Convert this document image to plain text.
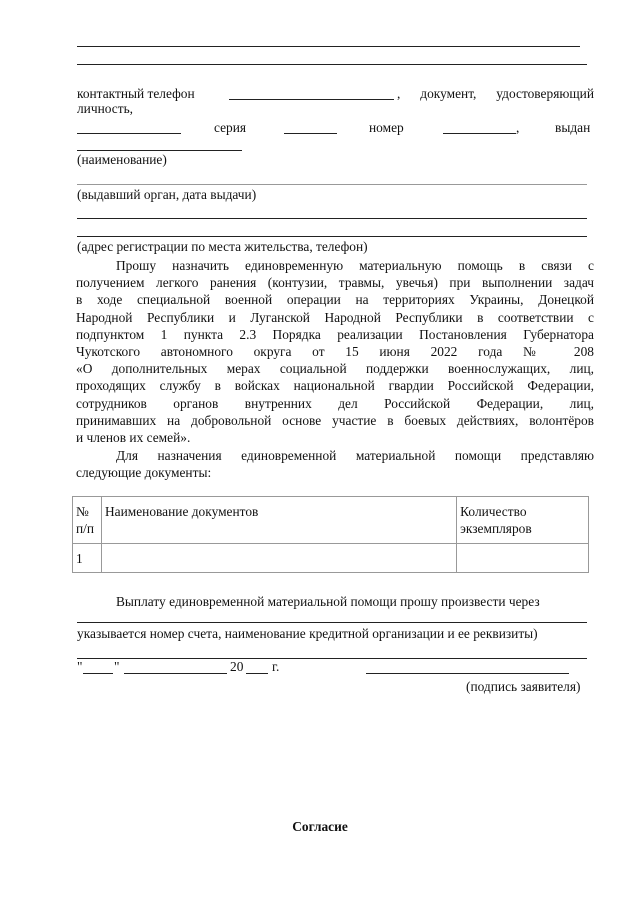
контактный телефон	, документ, удостоверяющий
личность,
серия	номер	,	выдан
(наименование)
(выдавший орган, дата выдачи)
(адрес регистрации по места жительства, телефон)
Прошу назначить единовременную материальную помощь в связи с
получением легкого ранения (контузии, травмы, увечья) при выполнении задач
в ходе специальной военной операции на территориях Украины, Донецкой
Народной Республики и Луганской Народной Республики в соответствии с
подпунктом 1 пункта 2.3 Порядка реализации Постановления Губернатора
Чукотского автономного округа от 15 июня 2022 года № 208
«О дополнительных мерах социальной поддержки военнослужащих, лиц,
проходящих службу в войсках национальной гвардии Российской Федерации,
сотрудников органов внутренних дел Российской Федерации, лиц,
принимавших на добровольной основе участие в боевых действиях, волонтёров
и членов их семей».
Для назначения единовременной материальной помощи представляю
следующие документы:
№ п/п	Наименование документов	Количество экземпляров
1		
Выплату единовременной материальной помощи прошу произвести через
указывается номер счета, наименование кредитной организации и ее реквизиты)
" "	20 г.
(подпись заявителя)
Согласие
